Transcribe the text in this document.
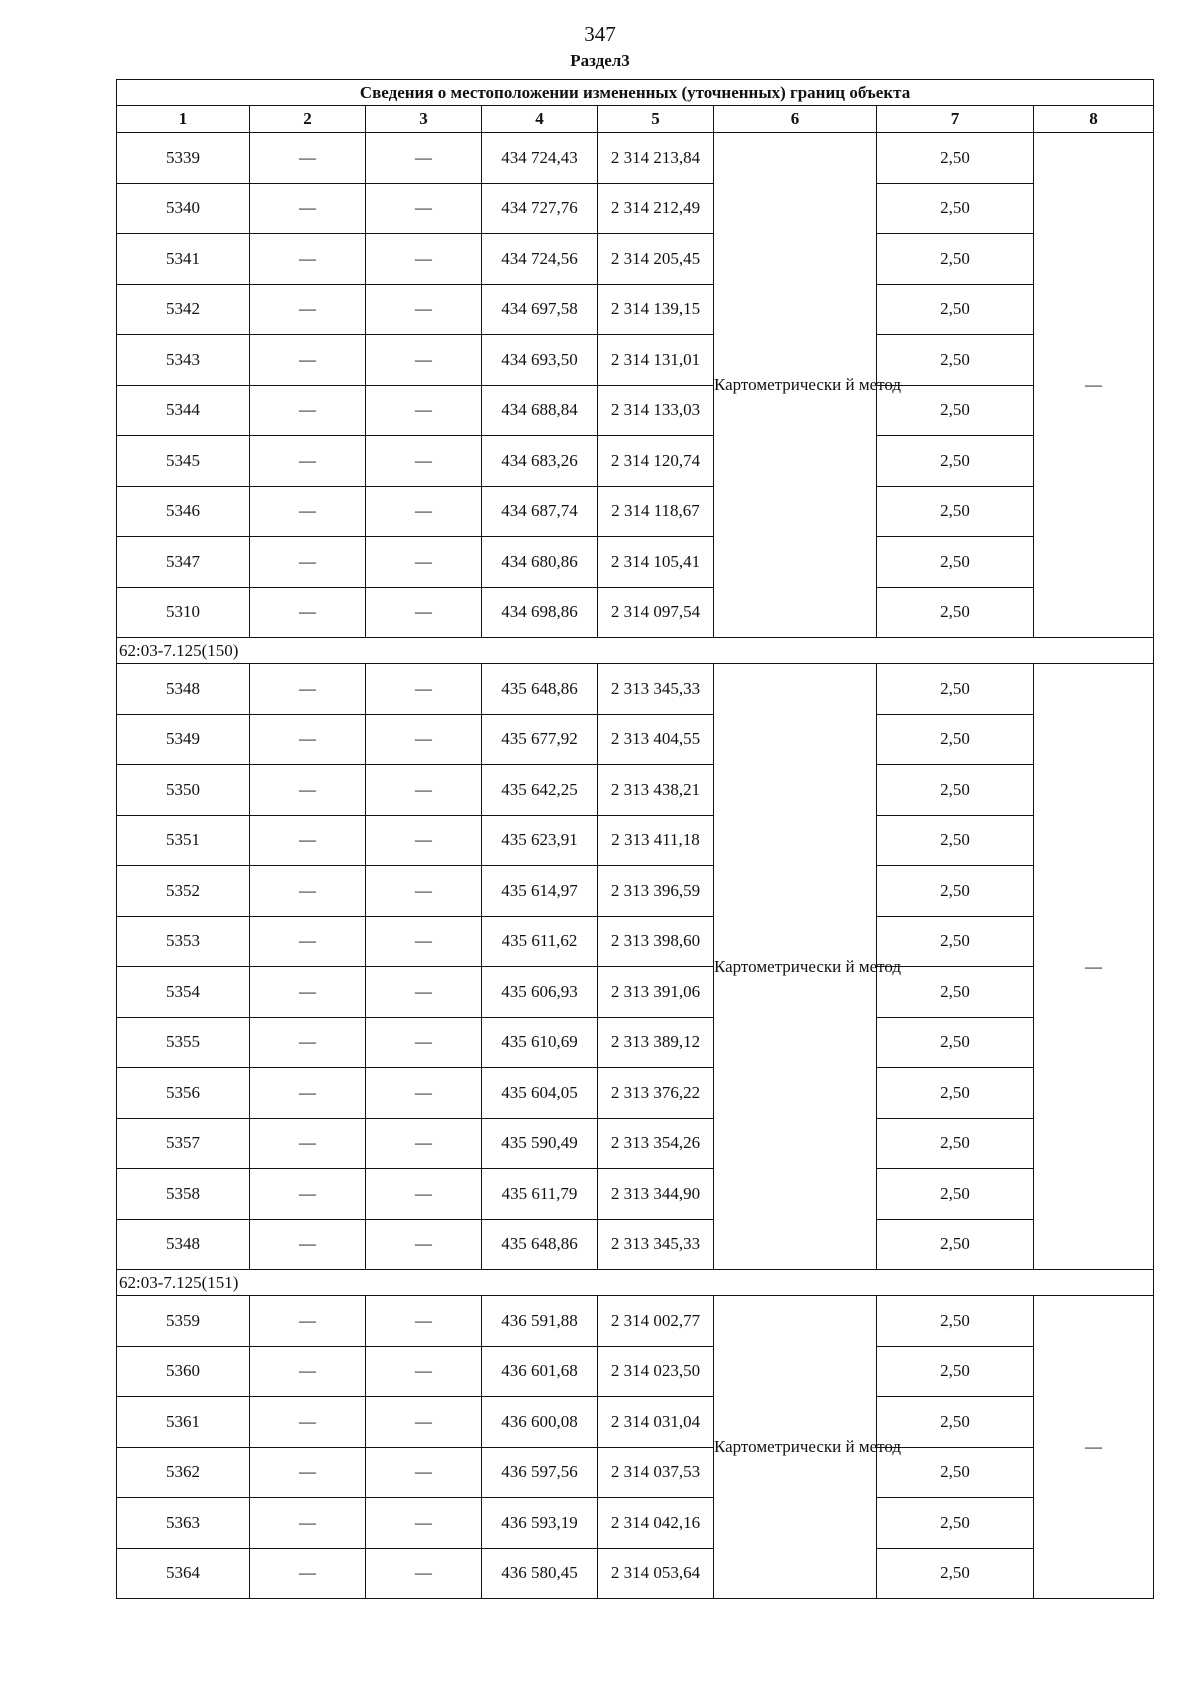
347
Раздел3
Сведения о местоположении измененных (уточненных) границ объекта							
1	2	3	4	5	6	7	8
5339	—	—	434 724,43	2 314 213,84	Картометрически й метод	2,50	—
5340	—	—	434 727,76	2 314 212,49		2,50	
5341	—	—	434 724,56	2 314 205,45		2,50	
5342	—	—	434 697,58	2 314 139,15		2,50	
5343	—	—	434 693,50	2 314 131,01		2,50	
5344	—	—	434 688,84	2 314 133,03		2,50	
5345	—	—	434 683,26	2 314 120,74		2,50	
5346	—	—	434 687,74	2 314 118,67		2,50	
5347	—	—	434 680,86	2 314 105,41		2,50	
5310	—	—	434 698,86	2 314 097,54		2,50	
62:03-7.125(150)							
5348	—	—	435 648,86	2 313 345,33	Картометрически й метод	2,50	—
5349	—	—	435 677,92	2 313 404,55		2,50	
5350	—	—	435 642,25	2 313 438,21		2,50	
5351	—	—	435 623,91	2 313 411,18		2,50	
5352	—	—	435 614,97	2 313 396,59		2,50	
5353	—	—	435 611,62	2 313 398,60		2,50	
5354	—	—	435 606,93	2 313 391,06		2,50	
5355	—	—	435 610,69	2 313 389,12		2,50	
5356	—	—	435 604,05	2 313 376,22		2,50	
5357	—	—	435 590,49	2 313 354,26		2,50	
5358	—	—	435 611,79	2 313 344,90		2,50	
5348	—	—	435 648,86	2 313 345,33		2,50	
62:03-7.125(151)							
5359	—	—	436 591,88	2 314 002,77	Картометрически й метод	2,50	—
5360	—	—	436 601,68	2 314 023,50		2,50	
5361	—	—	436 600,08	2 314 031,04		2,50	
5362	—	—	436 597,56	2 314 037,53		2,50	
5363	—	—	436 593,19	2 314 042,16		2,50	
5364	—	—	436 580,45	2 314 053,64		2,50	
